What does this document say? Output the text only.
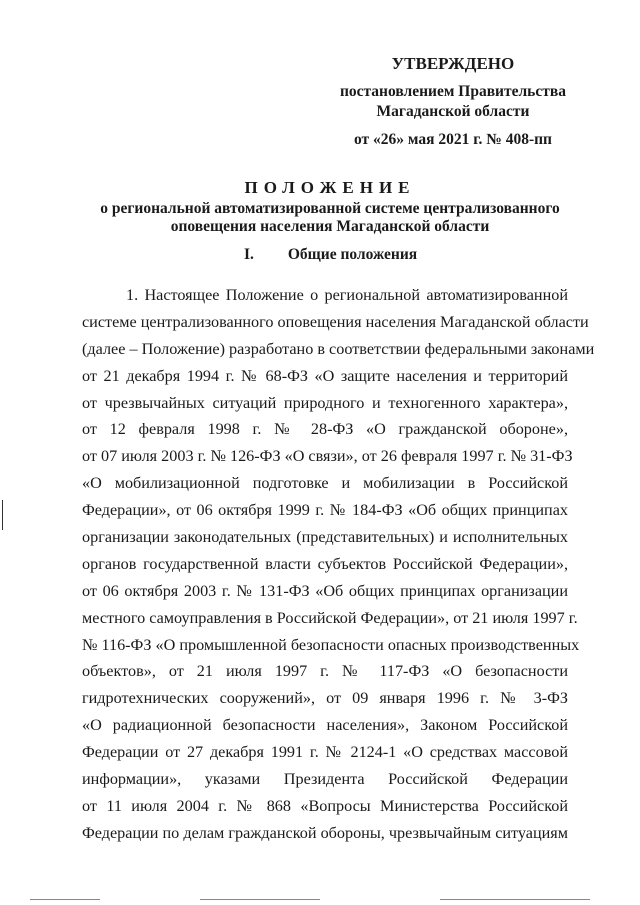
УТВЕРЖДЕНО
постановлением Правительства
Магаданской области
от «26» мая 2021 г. № 408-пп
ПОЛОЖЕНИЕ
о региональной автоматизированной системе централизованного
оповещения населения Магаданской области
I. Общие положения
1. Настоящее Положение о региональной автоматизированной
системе централизованного оповещения населения Магаданской области
(далее – Положение) разработано в соответствии федеральными законами
от 21 декабря 1994 г. № 68-ФЗ «О защите населения и территорий
от чрезвычайных ситуаций природного и техногенного характера»,
от 12 февраля 1998 г. № 28-ФЗ «О гражданской обороне»,
от 07 июля 2003 г. № 126-ФЗ «О связи», от 26 февраля 1997 г. № 31-ФЗ
«О мобилизационной подготовке и мобилизации в Российской
Федерации», от 06 октября 1999 г. № 184-ФЗ «Об общих принципах
организации законодательных (представительных) и исполнительных
органов государственной власти субъектов Российской Федерации»,
от 06 октября 2003 г. № 131-ФЗ «Об общих принципах организации
местного самоуправления в Российской Федерации», от 21 июля 1997 г.
№ 116-ФЗ «О промышленной безопасности опасных производственных
объектов», от 21 июля 1997 г. № 117-ФЗ «О безопасности
гидротехнических сооружений», от 09 января 1996 г. № 3-ФЗ
«О радиационной безопасности населения», Законом Российской
Федерации от 27 декабря 1991 г. № 2124-1 «О средствах массовой
информации», указами Президента Российской Федерации
от 11 июля 2004 г. № 868 «Вопросы Министерства Российской
Федерации по делам гражданской обороны, чрезвычайным ситуациям
